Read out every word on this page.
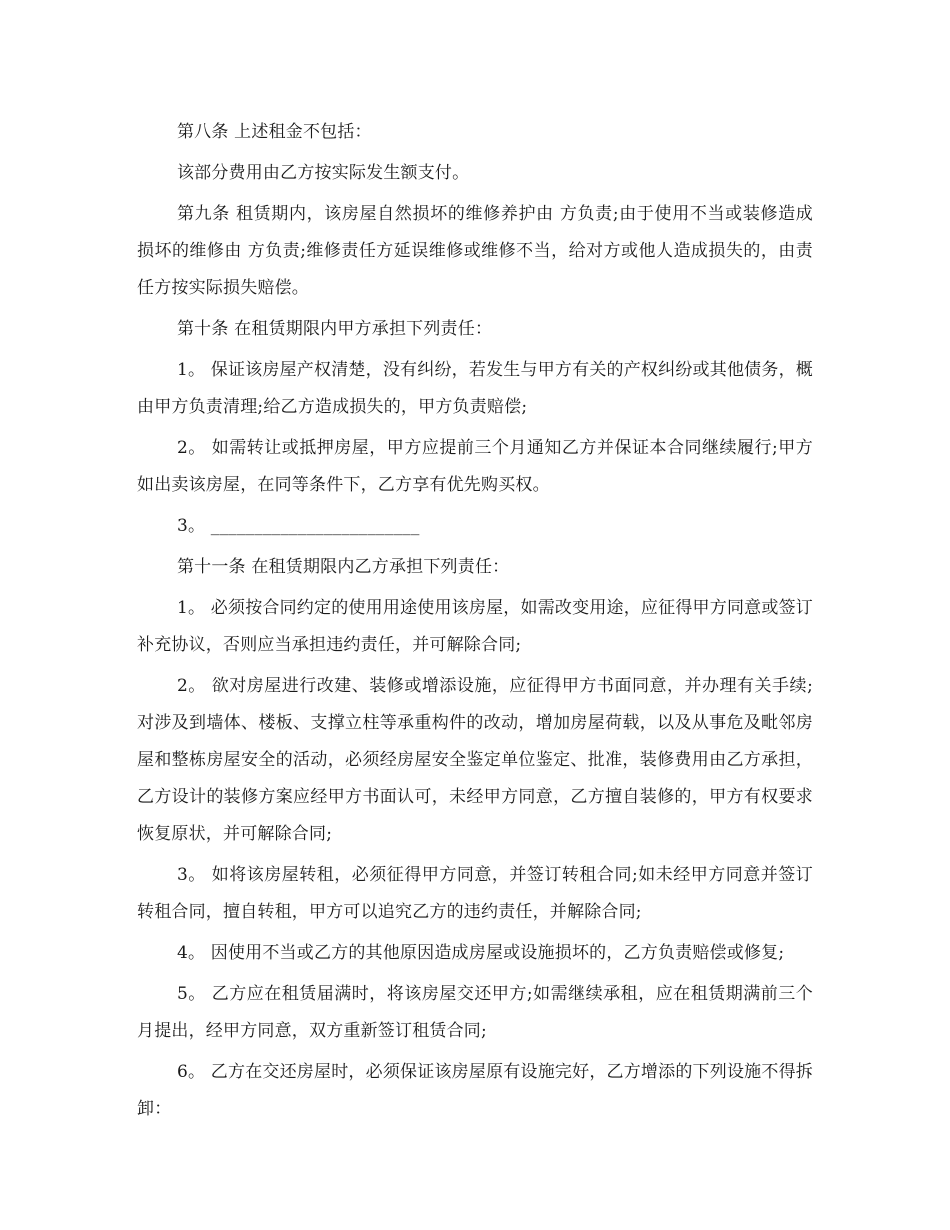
第八条 上述租金不包括：

该部分费用由乙方按实际发生额支付。

第九条 租赁期内，该房屋自然损坏的维修养护由 方负责;由于使用不当或装修造成损坏的维修由 方负责;维修责任方延误维修或维修不当，给对方或他人造成损失的，由责任方按实际损失赔偿。

第十条 在租赁期限内甲方承担下列责任：

1。 保证该房屋产权清楚，没有纠纷，若发生与甲方有关的产权纠纷或其他债务，概由甲方负责清理;给乙方造成损失的，甲方负责赔偿;

2。 如需转让或抵押房屋，甲方应提前三个月通知乙方并保证本合同继续履行;甲方如出卖该房屋，在同等条件下，乙方享有优先购买权。

3。 ________________________

第十一条 在租赁期限内乙方承担下列责任：

1。 必须按合同约定的使用用途使用该房屋，如需改变用途，应征得甲方同意或签订补充协议，否则应当承担违约责任，并可解除合同;

2。 欲对房屋进行改建、装修或增添设施，应征得甲方书面同意，并办理有关手续;对涉及到墙体、楼板、支撑立柱等承重构件的改动，增加房屋荷载，以及从事危及毗邻房屋和整栋房屋安全的活动，必须经房屋安全鉴定单位鉴定、批准，装修费用由乙方承担，乙方设计的装修方案应经甲方书面认可，未经甲方同意，乙方擅自装修的，甲方有权要求恢复原状，并可解除合同;

3。 如将该房屋转租，必须征得甲方同意，并签订转租合同;如未经甲方同意并签订转租合同，擅自转租，甲方可以追究乙方的违约责任，并解除合同;

4。 因使用不当或乙方的其他原因造成房屋或设施损坏的，乙方负责赔偿或修复;

5。 乙方应在租赁届满时，将该房屋交还甲方;如需继续承租，应在租赁期满前三个月提出，经甲方同意，双方重新签订租赁合同;

6。 乙方在交还房屋时，必须保证该房屋原有设施完好，乙方增添的下列设施不得拆卸：
